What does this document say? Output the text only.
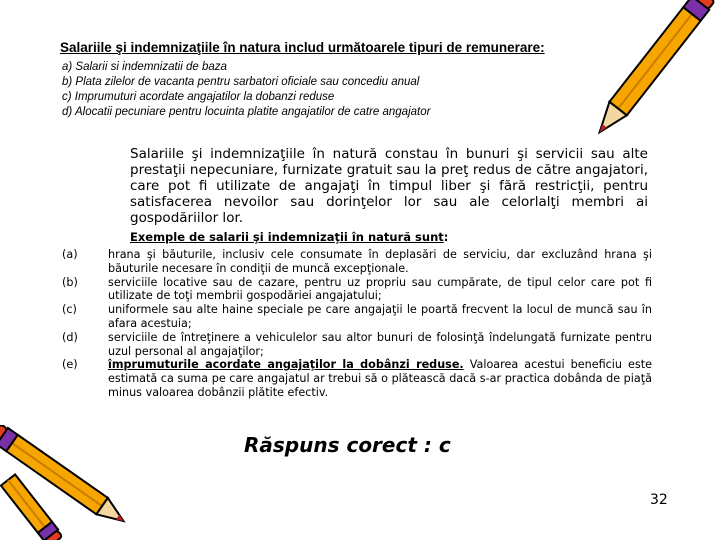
Salariile şi indemnizaţiile în natura includ următoarele tipuri de remunerare:
a) Salarii si indemnizatii de baza
b) Plata zilelor de vacanta pentru sarbatori oficiale sau concediu anual
c) Imprumuturi acordate angajatilor la dobanzi reduse
d) Alocatii pecuniare pentru locuinta platite angajatilor de catre angajator
Salariile şi indemnizaţiile în natură constau în bunuri şi servicii sau alte prestaţii nepecuniare, furnizate gratuit sau la preţ redus de către angajatori, care pot fi utilizate de angajaţi în timpul liber şi fără restricţii, pentru satisfacerea nevoilor sau dorinţelor lor sau ale celorlalţi membri ai gospodăriilor lor.
Exemple de salarii şi indemnizaţii în natură sunt:
(a)	hrana şi băuturile, inclusiv cele consumate în deplasări de serviciu, dar excluzând hrana şi băuturile necesare în condiţii de muncă excepţionale.
(b)	serviciile locative sau de cazare, pentru uz propriu sau cumpărate, de tipul celor care pot fi utilizate de toţi membrii gospodăriei angajatului;
(c)	uniformele sau alte haine speciale pe care angajaţii le poartă frecvent la locul de muncă sau în afara acestuia;
(d)	serviciile de întreţinere a vehiculelor sau altor bunuri de folosinţă îndelungată furnizate pentru uzul personal al angajaţilor;
(e)	împrumuturile acordate angajaţilor la dobânzi reduse. Valoarea acestui beneficiu este estimată ca suma pe care angajatul ar trebui să o plătească dacă s-ar practica dobânda de piaţă minus valoarea dobânzii plătite efectiv.
Răspuns corect : c
32
